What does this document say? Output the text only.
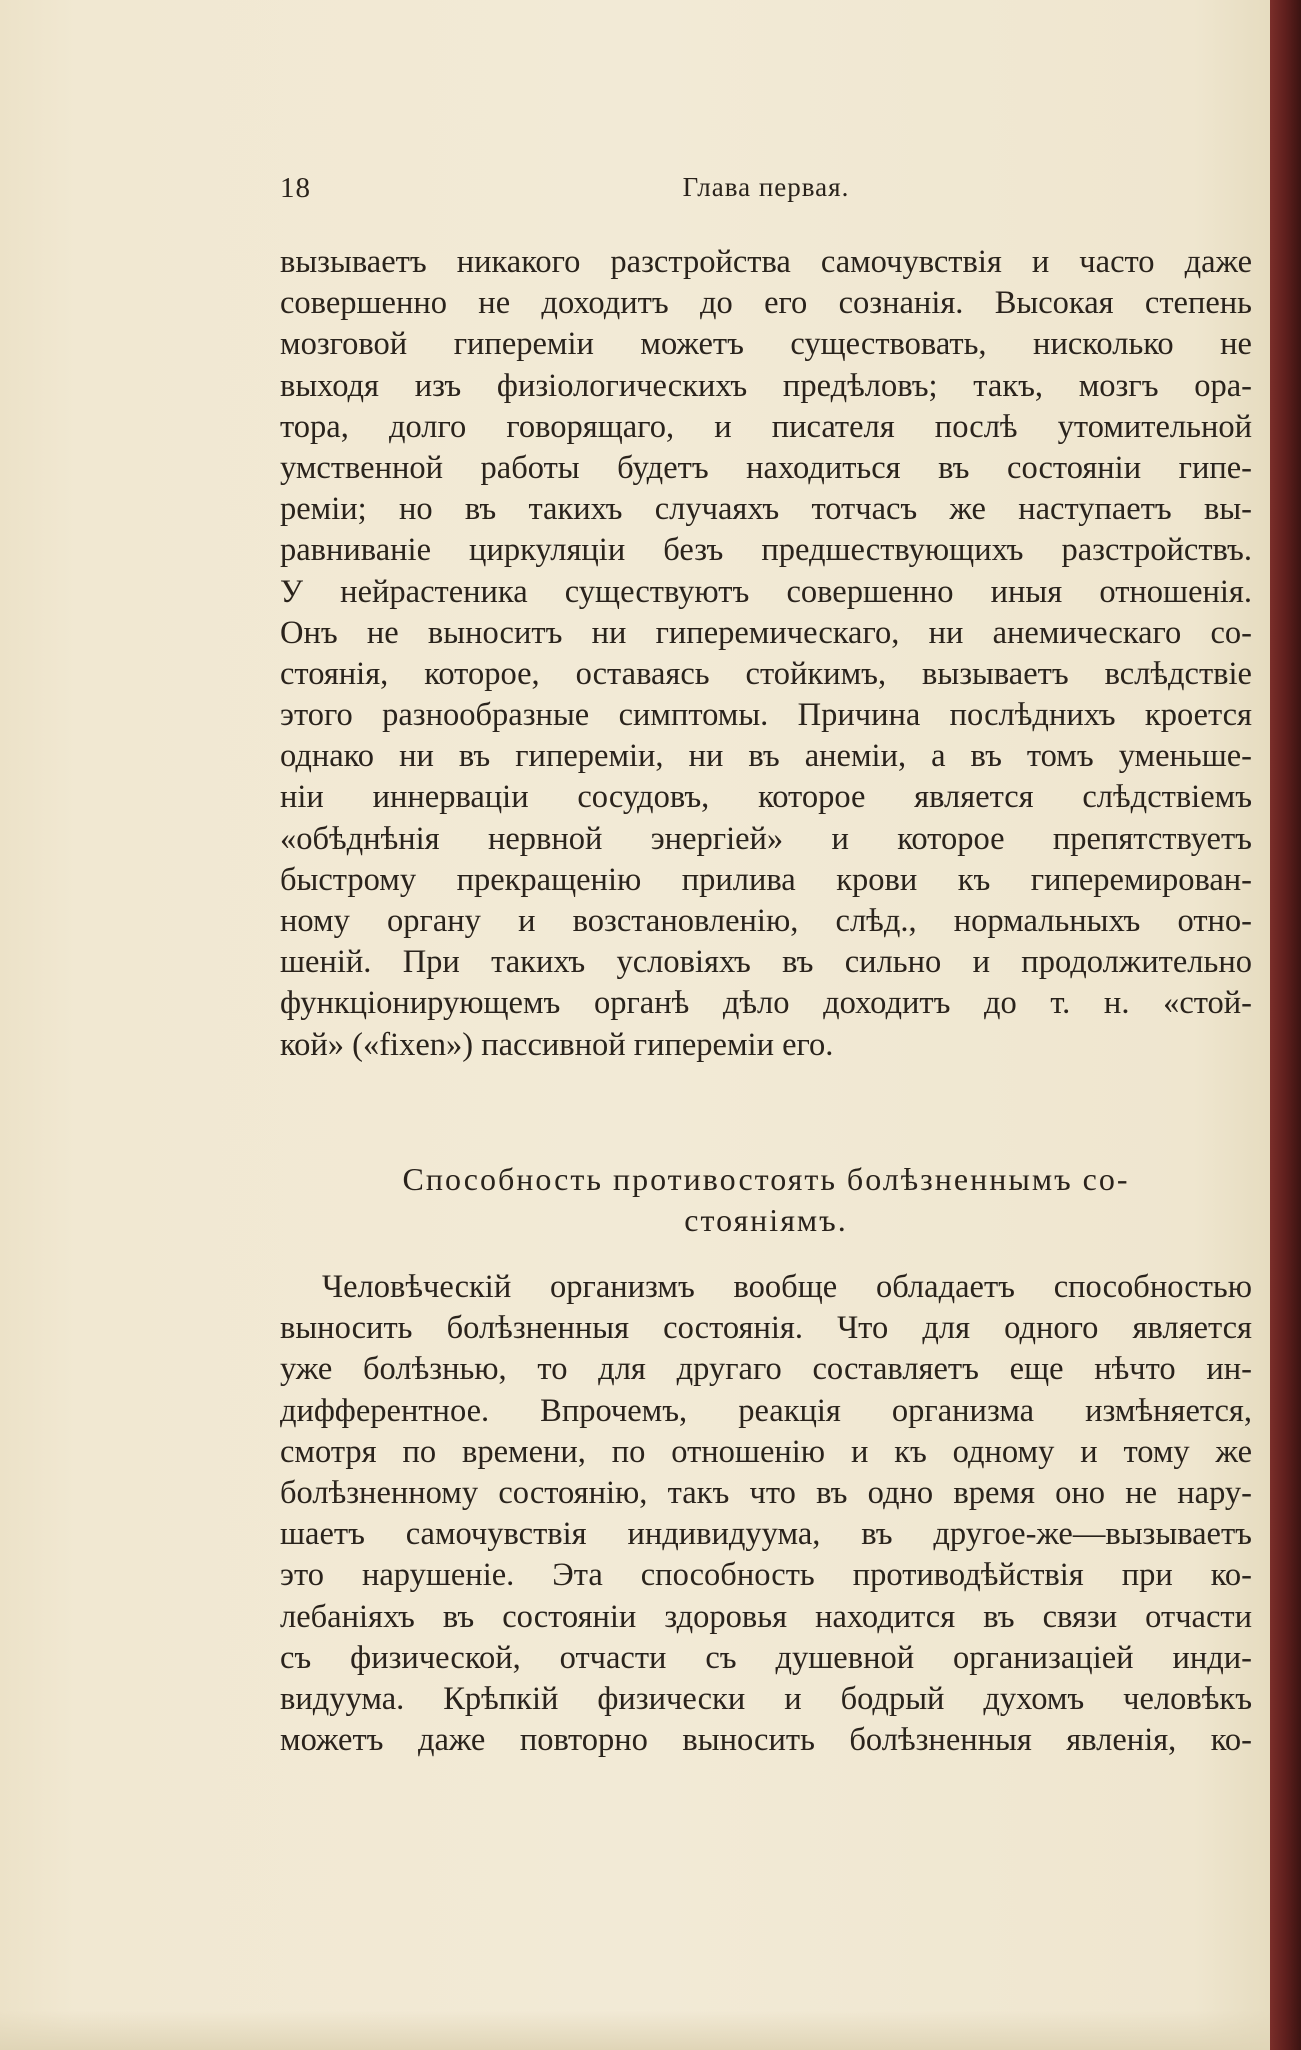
18	Глава первая.
вызываетъ никакого разстройства самочувствія и часто даже
совершенно не доходитъ до его сознанія. Высокая степень
мозговой гипереміи можетъ существовать, нисколько не
выходя изъ физіологическихъ предѣловъ; такъ, мозгъ ора-
тора, долго говорящаго, и писателя послѣ утомительной
умственной работы будетъ находиться въ состояніи гипе-
реміи; но въ такихъ случаяхъ тотчасъ же наступаетъ вы-
равниваніе циркуляціи безъ предшествующихъ разстройствъ.
У нейрастеника существуютъ совершенно иныя отношенія.
Онъ не выноситъ ни гиперемическаго, ни анемическаго со-
стоянія, которое, оставаясь стойкимъ, вызываетъ вслѣдствіе
этого разнообразные симптомы. Причина послѣднихъ кроется
однако ни въ гипереміи, ни въ анеміи, а въ томъ уменьше-
ніи иннерваціи сосудовъ, которое является слѣдствіемъ
«обѣднѣнія нервной энергіей» и которое препятствуетъ
быстрому прекращенію прилива крови къ гиперемирован-
ному органу и возстановленію, слѣд., нормальныхъ отно-
шеній. При такихъ условіяхъ въ сильно и продолжительно
функціонирующемъ органѣ дѣло доходитъ до т. н. «стой-
кой» («fixen») пассивной гипереміи его.
Способность противостоять болѣзненнымъ со-
стояніямъ.
Человѣческій организмъ вообще обладаетъ способностью
выносить болѣзненныя состоянія. Что для одного является
уже болѣзнью, то для другаго составляетъ еще нѣчто ин-
дифферентное. Впрочемъ, реакція организма измѣняется,
смотря по времени, по отношенію и къ одному и тому же
болѣзненному состоянію, такъ что въ одно время оно не нару-
шаетъ самочувствія индивидуума, въ другое-же—вызываетъ
это нарушеніе. Эта способность противодѣйствія при ко-
лебаніяхъ въ состояніи здоровья находится въ связи отчасти
съ физической, отчасти съ душевной организаціей инди-
видуума. Крѣпкій физически и бодрый духомъ человѣкъ
можетъ даже повторно выносить болѣзненныя явленія, ко-
